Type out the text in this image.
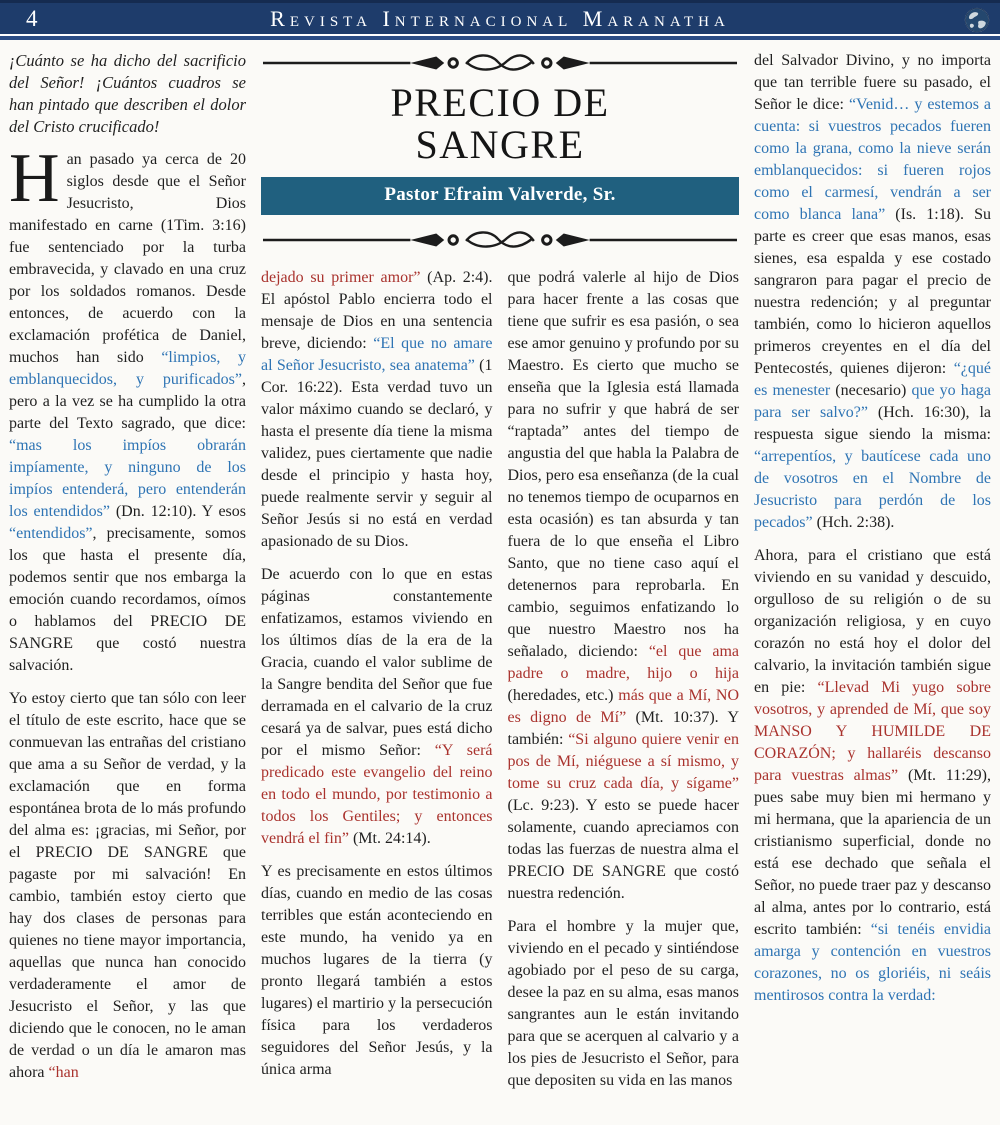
4	Revista Internacional Maranatha

¡Cuánto se ha dicho del sacrificio del Señor! ¡Cuántos cuadros se han pintado que describen el dolor del Cristo crucificado!

Han pasado ya cerca de 20 siglos desde que el Señor Jesucristo, Dios manifestado en carne (1Tim. 3:16) fue sentenciado por la turba embravecida, y clavado en una cruz por los soldados romanos. Desde entonces, de acuerdo con la exclamación profética de Daniel, muchos han sido “limpios, y emblanquecidos, y purificados”, pero a la vez se ha cumplido la otra parte del Texto sagrado, que dice: “mas los impíos obrarán impíamente, y ninguno de los impíos entenderá, pero entenderán los entendidos” (Dn. 12:10). Y esos “entendidos”, precisamente, somos los que hasta el presente día, podemos sentir que nos embarga la emoción cuando recordamos, oímos o hablamos del PRECIO DE SANGRE que costó nuestra salvación.

Yo estoy cierto que tan sólo con leer el título de este escrito, hace que se conmuevan las entrañas del cristiano que ama a su Señor de verdad, y la exclamación que en forma espontánea brota de lo más profundo del alma es: ¡gracias, mi Señor, por el PRECIO DE SANGRE que pagaste por mi salvación! En cambio, también estoy cierto que hay dos clases de personas para quienes no tiene mayor importancia, aquellas que nunca han conocido verdaderamente el amor de Jesucristo el Señor, y las que diciendo que le conocen, no le aman de verdad o un día le amaron mas ahora “han

PRECIO DE
SANGRE
Pastor Efraim Valverde, Sr.

dejado su primer amor” (Ap. 2:4). El apóstol Pablo encierra todo el mensaje de Dios en una sentencia breve, diciendo: “El que no amare al Señor Jesucristo, sea anatema” (1 Cor. 16:22). Esta verdad tuvo un valor máximo cuando se declaró, y hasta el presente día tiene la misma validez, pues ciertamente que nadie desde el principio y hasta hoy, puede realmente servir y seguir al Señor Jesús si no está en verdad apasionado de su Dios.

De acuerdo con lo que en estas páginas constantemente enfatizamos, estamos viviendo en los últimos días de la era de la Gracia, cuando el valor sublime de la Sangre bendita del Señor que fue derramada en el calvario de la cruz cesará ya de salvar, pues está dicho por el mismo Señor: “Y será predicado este evangelio del reino en todo el mundo, por testimonio a todos los Gentiles; y entonces vendrá el fin” (Mt. 24:14).

Y es precisamente en estos últimos días, cuando en medio de las cosas terribles que están aconteciendo en este mundo, ha venido ya en muchos lugares de la tierra (y pronto llegará también a estos lugares) el martirio y la persecución física para los verdaderos seguidores del Señor Jesús, y la única arma

que podrá valerle al hijo de Dios para hacer frente a las cosas que tiene que sufrir es esa pasión, o sea ese amor genuino y profundo por su Maestro. Es cierto que mucho se enseña que la Iglesia está llamada para no sufrir y que habrá de ser “raptada” antes del tiempo de angustia del que habla la Palabra de Dios, pero esa enseñanza (de la cual no tenemos tiempo de ocuparnos en esta ocasión) es tan absurda y tan fuera de lo que enseña el Libro Santo, que no tiene caso aquí el detenernos para reprobarla. En cambio, seguimos enfatizando lo que nuestro Maestro nos ha señalado, diciendo: “el que ama padre o madre, hijo o hija (heredades, etc.) más que a Mí, NO es digno de Mí” (Mt. 10:37). Y también: “Si alguno quiere venir en pos de Mí, niéguese a sí mismo, y tome su cruz cada día, y sígame” (Lc. 9:23). Y esto se puede hacer solamente, cuando apreciamos con todas las fuerzas de nuestra alma el PRECIO DE SANGRE que costó nuestra redención.

Para el hombre y la mujer que, viviendo en el pecado y sintiéndose agobiado por el peso de su carga, desee la paz en su alma, esas manos sangrantes aun le están invitando para que se acerquen al calvario y a los pies de Jesucristo el Señor, para que depositen su vida en las manos

del Salvador Divino, y no importa que tan terrible fuere su pasado, el Señor le dice: “Venid… y estemos a cuenta: si vuestros pecados fueren como la grana, como la nieve serán emblanquecidos: si fueren rojos como el carmesí, vendrán a ser como blanca lana” (Is. 1:18). Su parte es creer que esas manos, esas sienes, esa espalda y ese costado sangraron para pagar el precio de nuestra redención; y al preguntar también, como lo hicieron aquellos primeros creyentes en el día del Pentecostés, quienes dijeron: “¿qué es menester (necesario) que yo haga para ser salvo?” (Hch. 16:30), la respuesta sigue siendo la misma: “arrepentíos, y bautícese cada uno de vosotros en el Nombre de Jesucristo para perdón de los pecados” (Hch. 2:38).

Ahora, para el cristiano que está viviendo en su vanidad y descuido, orgulloso de su religión o de su organización religiosa, y en cuyo corazón no está hoy el dolor del calvario, la invitación también sigue en pie: “Llevad Mi yugo sobre vosotros, y aprended de Mí, que soy MANSO Y HUMILDE DE CORAZÓN; y hallaréis descanso para vuestras almas” (Mt. 11:29), pues sabe muy bien mi hermano y mi hermana, que la apariencia de un cristianismo superficial, donde no está ese dechado que señala el Señor, no puede traer paz y descanso al alma, antes por lo contrario, está escrito también: “si tenéis envidia amarga y contención en vuestros corazones, no os gloriéis, ni seáis mentirosos contra la verdad:
